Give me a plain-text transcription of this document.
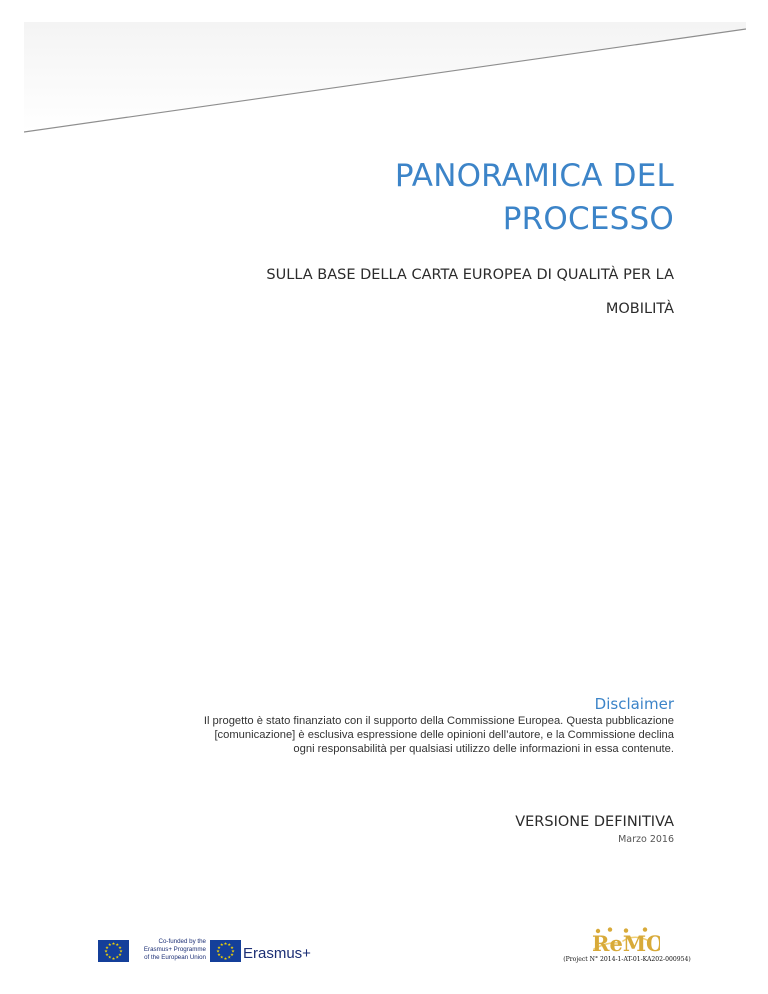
PANORAMICA DEL
PROCESSO
SULLA BASE DELLA CARTA EUROPEA DI QUALITÀ PER LA
MOBILITÀ
Disclaimer
Il progetto è stato finanziato con il supporto della Commissione Europea. Questa pubblicazione
[comunicazione] è esclusiva espressione delle opinioni dell’autore, e la Commissione declina
ogni responsabilità per qualsiasi utilizzo delle informazioni in essa contenute.
VERSIONE DEFINITIVA
Marzo 2016
★ ★
★
★
★
★
★
★
★
★
★
★	Co-funded by the
Erasmus+ Programme
of the European Union
★ ★
★
★
★
★
★
★
★
★
★
★
Erasmus+	ReMO
(Project N° 2014-1-AT-01-KA202-000954)
